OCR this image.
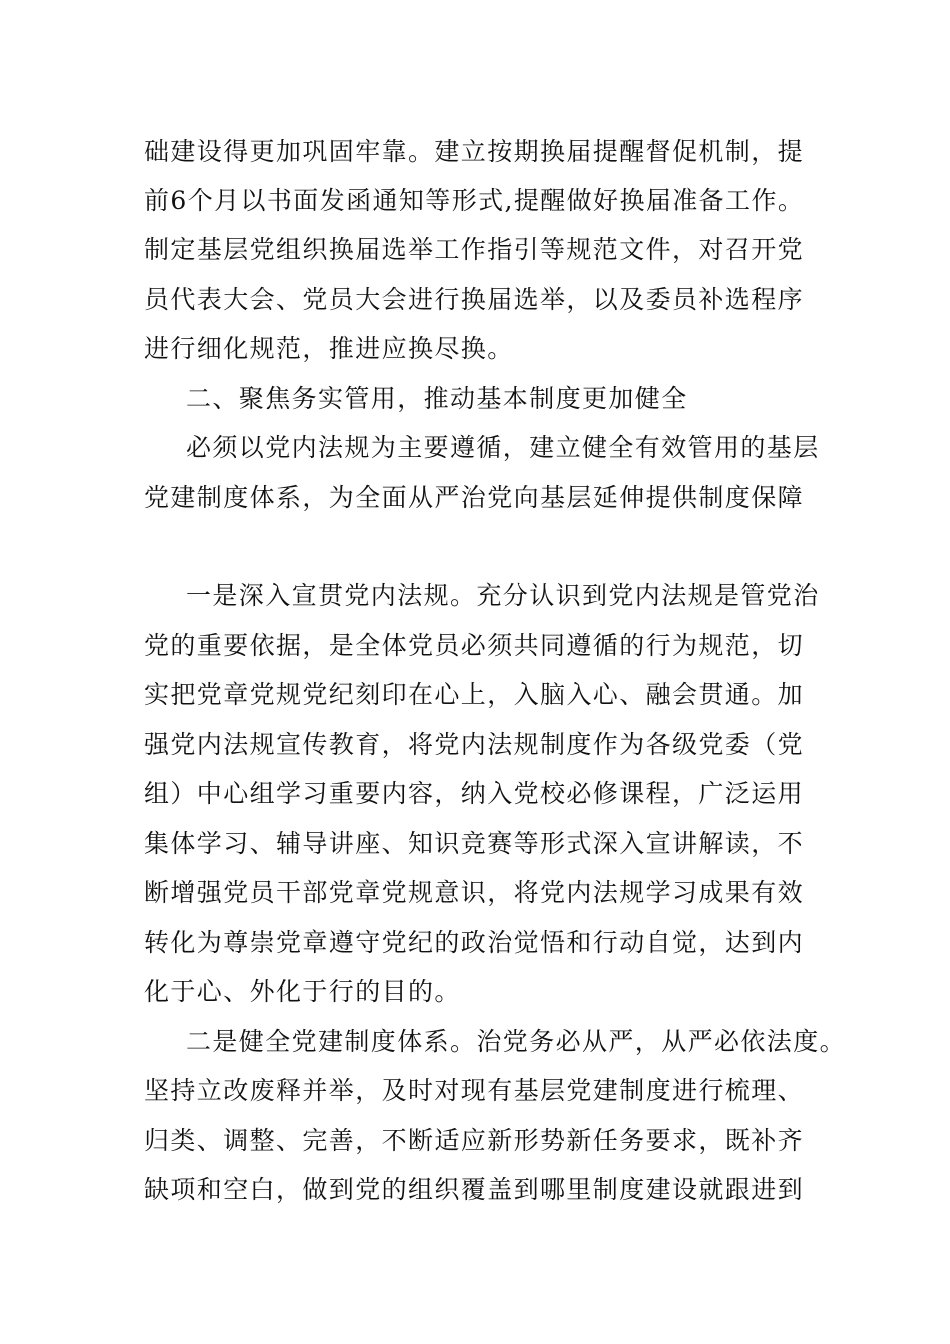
础建设得更加巩固牢靠。建立按期换届提醒督促机制，提
前6个月以书面发函通知等形式,提醒做好换届准备工作。
制定基层党组织换届选举工作指引等规范文件，对召开党
员代表大会、党员大会进行换届选举，以及委员补选程序
进行细化规范，推进应换尽换。
二、聚焦务实管用，推动基本制度更加健全
必须以党内法规为主要遵循，建立健全有效管用的基层
党建制度体系，为全面从严治党向基层延伸提供制度保障
一是深入宣贯党内法规。充分认识到党内法规是管党治
党的重要依据，是全体党员必须共同遵循的行为规范，切
实把党章党规党纪刻印在心上，入脑入心、融会贯通。加
强党内法规宣传教育，将党内法规制度作为各级党委（党
组）中心组学习重要内容，纳入党校必修课程，广泛运用
集体学习、辅导讲座、知识竞赛等形式深入宣讲解读，不
断增强党员干部党章党规意识，将党内法规学习成果有效
转化为尊崇党章遵守党纪的政治觉悟和行动自觉，达到内
化于心、外化于行的目的。
二是健全党建制度体系。治党务必从严，从严必依法度。
坚持立改废释并举，及时对现有基层党建制度进行梳理、
归类、调整、完善，不断适应新形势新任务要求，既补齐
缺项和空白，做到党的组织覆盖到哪里制度建设就跟进到
